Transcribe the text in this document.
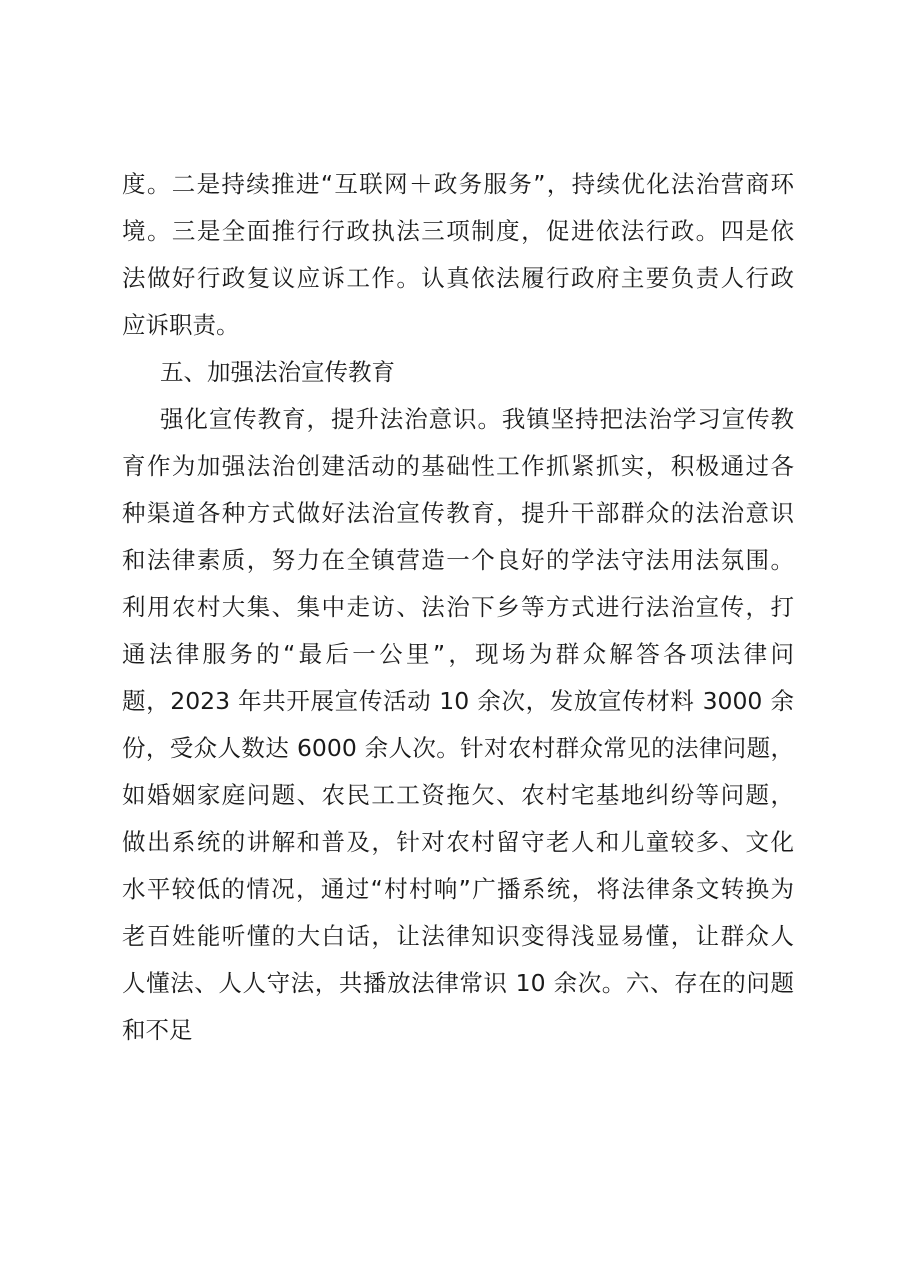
度。二是持续推进“互联网＋政务服务”，持续优化法治营商环
境。三是全面推行行政执法三项制度，促进依法行政。四是依
法做好行政复议应诉工作。认真依法履行政府主要负责人行政
应诉职责。
五、加强法治宣传教育
强化宣传教育，提升法治意识。我镇坚持把法治学习宣传教
育作为加强法治创建活动的基础性工作抓紧抓实，积极通过各
种渠道各种方式做好法治宣传教育，提升干部群众的法治意识
和法律素质，努力在全镇营造一个良好的学法守法用法氛围。
利用农村大集、集中走访、法治下乡等方式进行法治宣传，打
通法律服务的“最后一公里”，现场为群众解答各项法律问
题，2023 年共开展宣传活动 10 余次，发放宣传材料 3000 余
份，受众人数达 6000 余人次。针对农村群众常见的法律问题，
如婚姻家庭问题、农民工工资拖欠、农村宅基地纠纷等问题，
做出系统的讲解和普及，针对农村留守老人和儿童较多、文化
水平较低的情况，通过“村村响”广播系统，将法律条文转换为
老百姓能听懂的大白话，让法律知识变得浅显易懂，让群众人
人懂法、人人守法，共播放法律常识 10 余次。六、存在的问题
和不足
